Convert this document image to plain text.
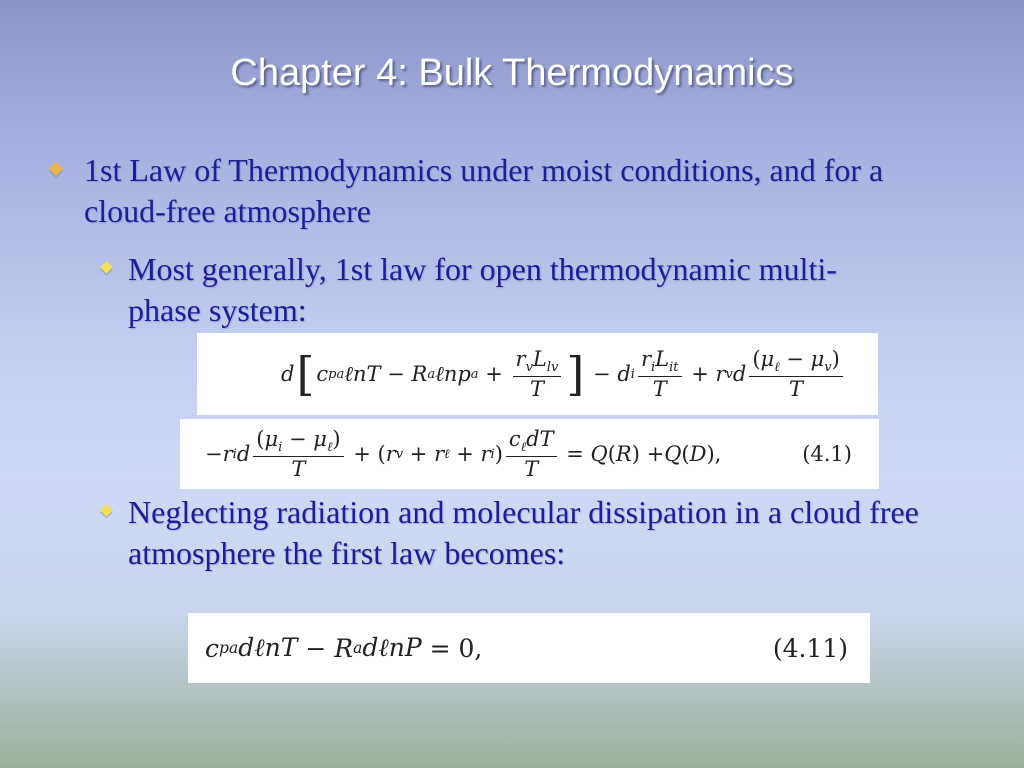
Chapter 4: Bulk Thermodynamics
1st Law of Thermodynamics under moist conditions, and for a cloud-free atmosphere
Most generally, 1st law for open thermodynamic multi-phase system:
d [ c pa ℓnT − R a ℓnp $a + \frac{r_vL_{lv}}{T}$ ] − d i $\frac{r_iL_{it}}{T} + r$ v d $\frac{(\mu_\ell - \mu_v)}{T}$
− r i d $\frac{(\mu_i - \mu_\ell)}{T}$ + ( r v + r ℓ + r i ) $\frac{c_\ell dT}{T} = Q$ ( R ) + Q ( D ),	(4.1)
Neglecting radiation and molecular dissipation in a cloud free atmosphere the first law becomes:
c pa dℓnT − R a dℓnP = 0,	(4.11)
